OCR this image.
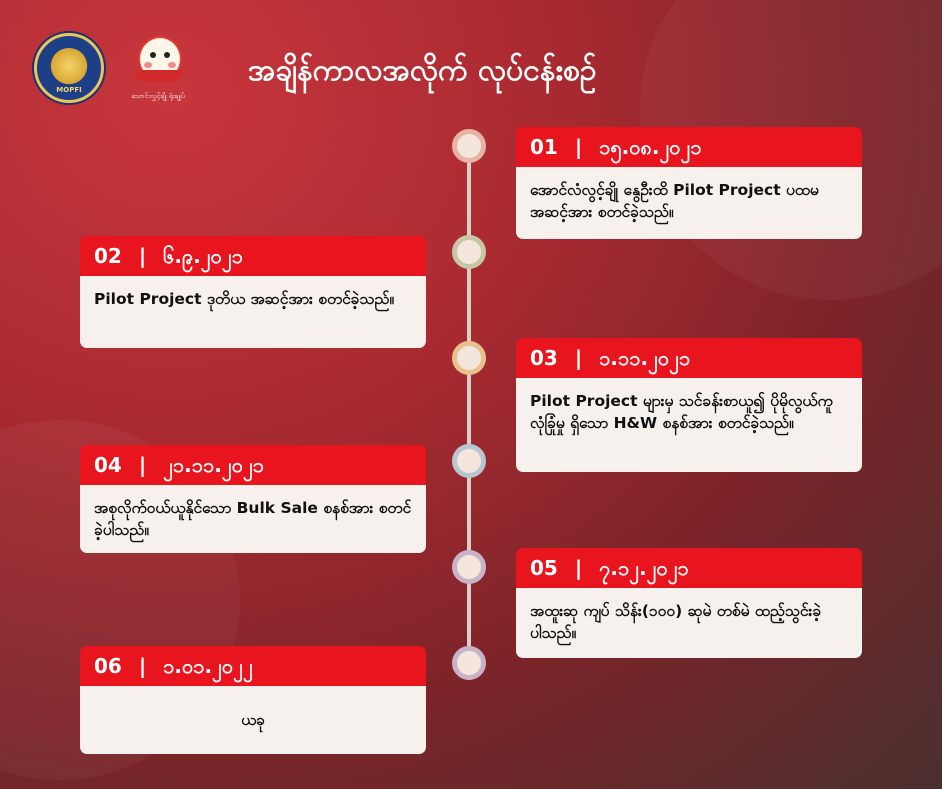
MOPFI
သောင်းလွှင့်ချို ရုံးချုပ်
အချိန်ကာလအလိုက် လုပ်ငန်းစဉ်
01 | ၁၅.၀၈.၂၀၂၁
အောင်လံလွင့်ချို နွေဦးထိ Pilot Project ပထမအဆင့်အား စတင်ခဲ့သည်။
02 | ၆.၉.၂၀၂၁
Pilot Project ဒုတိယ အဆင့်အား စတင်ခဲ့သည်။
03 | ၁.၁၁.၂၀၂၁
Pilot Project များမှ သင်ခန်းစာယူ၍ ပိုမိုလွယ်ကူ လုံခြုံမှု ရှိသော H&W စနစ်အား စတင်ခဲ့သည်။
04 | ၂၁.၁၁.၂၀၂၁
အစုလိုက်ဝယ်ယူနိုင်သော Bulk Sale စနစ်အား စတင်ခဲ့ပါသည်။
05 | ၇.၁၂.၂၀၂၁
အထူးဆု ကျပ် သိန်း(၁၀၀) ဆုမဲ တစ်မဲ ထည့်သွင်းခဲ့ပါသည်။
06 | ၁.၀၁.၂၀၂၂
ယခု
